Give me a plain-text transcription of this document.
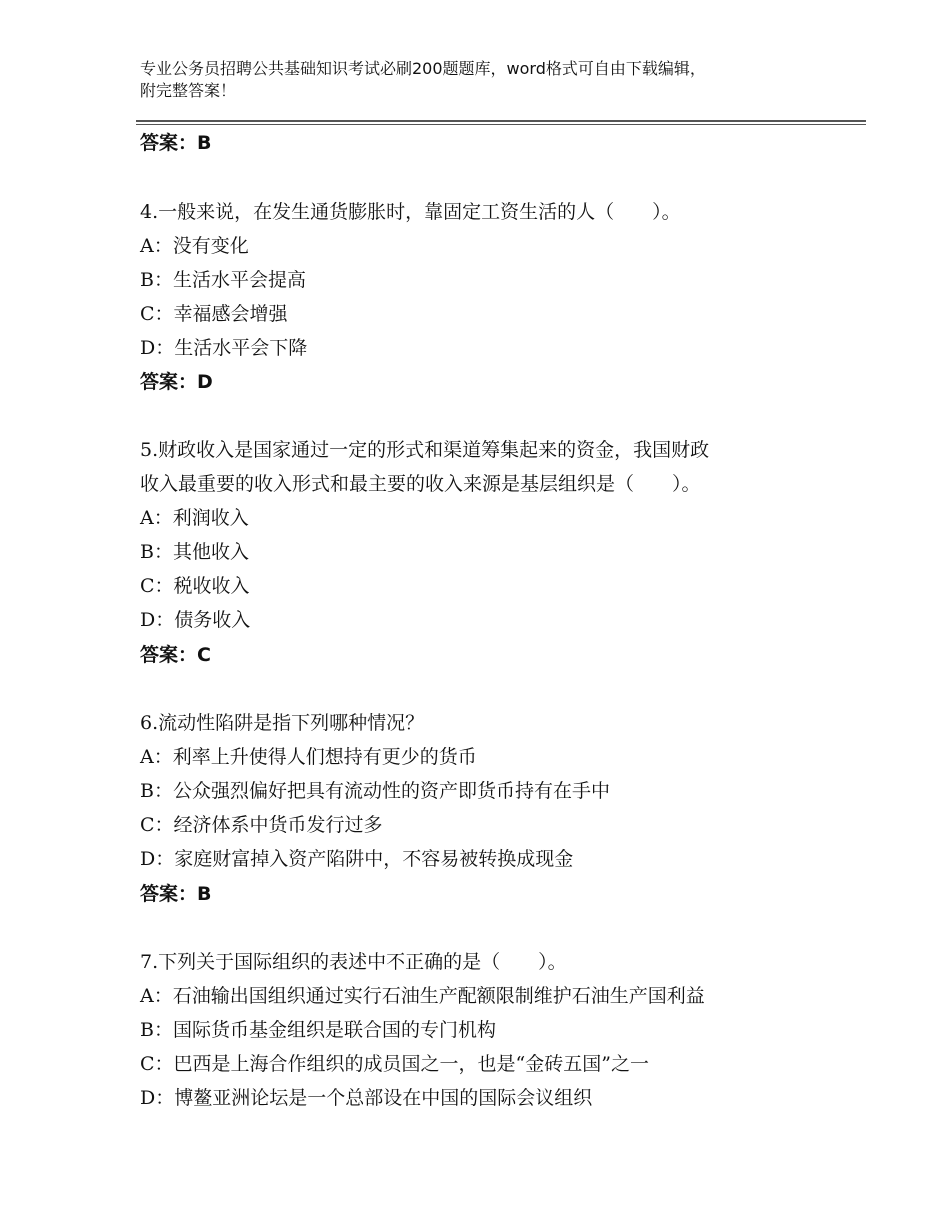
专业公务员招聘公共基础知识考试必刷200题题库，word格式可自由下载编辑，
附完整答案！
答案：B
4.一般来说，在发生通货膨胀时，靠固定工资生活的人（　　）。
A：没有变化
B：生活水平会提高
C：幸福感会增强
D：生活水平会下降
答案：D
5.财政收入是国家通过一定的形式和渠道筹集起来的资金，我国财政
收入最重要的收入形式和最主要的收入来源是基层组织是（　　）。
A：利润收入
B：其他收入
C：税收收入
D：债务收入
答案：C
6.流动性陷阱是指下列哪种情况？
A：利率上升使得人们想持有更少的货币
B：公众强烈偏好把具有流动性的资产即货币持有在手中
C：经济体系中货币发行过多
D：家庭财富掉入资产陷阱中，不容易被转换成现金
答案：B
7.下列关于国际组织的表述中不正确的是（　　）。
A：石油输出国组织通过实行石油生产配额限制维护石油生产国利益
B：国际货币基金组织是联合国的专门机构
C：巴西是上海合作组织的成员国之一，也是“金砖五国”之一
D：博鳌亚洲论坛是一个总部设在中国的国际会议组织
